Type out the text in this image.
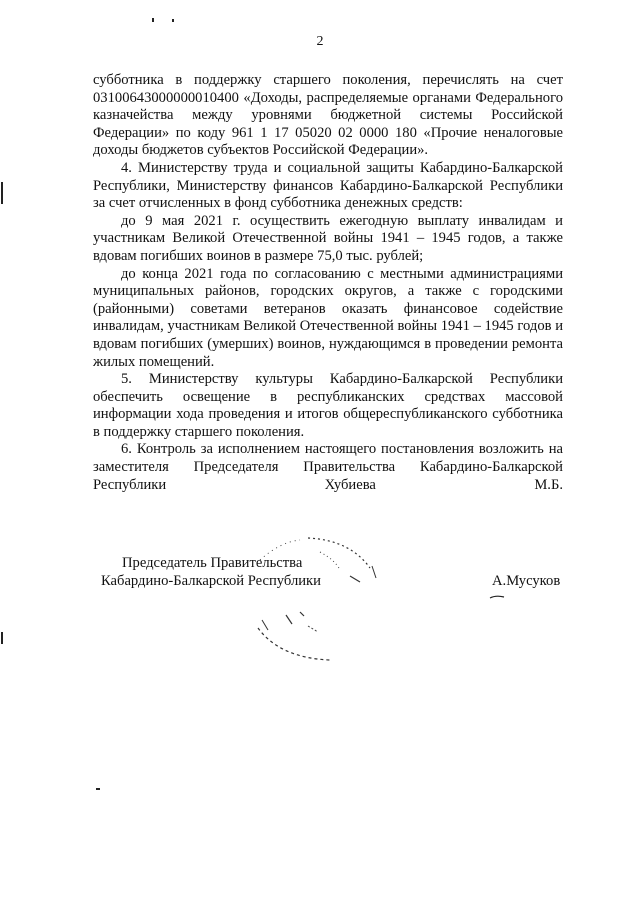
2

субботника в поддержку старшего поколения, перечислять на счет 03100643000000010400 «Доходы, распределяемые органами Федерального казначейства между уровнями бюджетной системы Российской Федерации» по коду 961 1 17 05020 02 0000 180 «Прочие неналоговые доходы бюджетов субъектов Российской Федерации».

4. Министерству труда и социальной защиты Кабардино-Балкарской Республики, Министерству финансов Кабардино-Балкарской Республики за счет отчисленных в фонд субботника денежных средств:

до 9 мая 2021 г. осуществить ежегодную выплату инвалидам и участникам Великой Отечественной войны 1941 – 1945 годов, а также вдовам погибших воинов в размере 75,0 тыс. рублей;

до конца 2021 года по согласованию с местными администрациями муниципальных районов, городских округов, а также с городскими (районными) советами ветеранов оказать финансовое содействие инвалидам, участникам Великой Отечественной войны 1941 – 1945 годов и вдовам погибших (умерших) воинов, нуждающимся в проведении ремонта жилых помещений.

5. Министерству культуры Кабардино-Балкарской Республики обеспечить освещение в республиканских средствах массовой информации хода проведения и итогов общереспубликанского субботника в поддержку старшего поколения.

6. Контроль за исполнением настоящего постановления возложить на заместителя Председателя Правительства Кабардино-Балкарской Республики Хубиева М.Б.

Председатель Правительства
Кабардино-Балкарской Республики	А.Мусуков
